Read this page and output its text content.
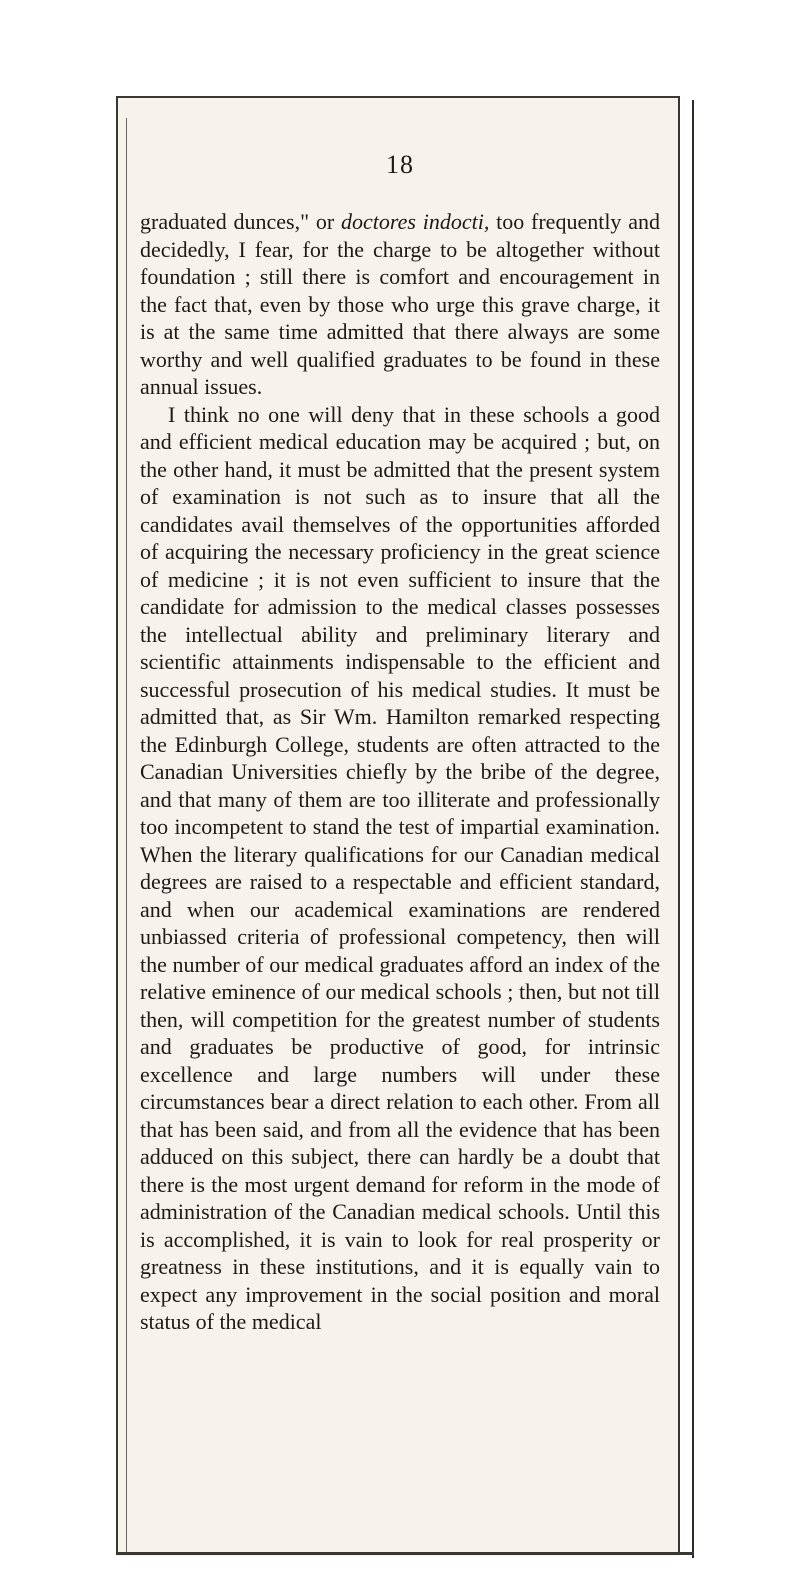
18

graduated dunces," or doctores indocti, too frequently and decidedly, I fear, for the charge to be altogether without foundation ; still there is comfort and encouragement in the fact that, even by those who urge this grave charge, it is at the same time admitted that there always are some worthy and well qualified graduates to be found in these annual issues.

I think no one will deny that in these schools a good and efficient medical education may be acquired ; but, on the other hand, it must be admitted that the present system of examination is not such as to insure that all the candidates avail themselves of the opportunities afforded of acquiring the necessary proficiency in the great science of medicine ; it is not even sufficient to insure that the candidate for admission to the medical classes possesses the intellectual ability and preliminary literary and scientific attainments indispensable to the efficient and successful prosecution of his medical studies. It must be admitted that, as Sir Wm. Hamilton remarked respecting the Edinburgh College, students are often attracted to the Canadian Universities chiefly by the bribe of the degree, and that many of them are too illiterate and professionally too incompetent to stand the test of impartial examination. When the literary qualifications for our Canadian medical degrees are raised to a respectable and efficient standard, and when our academical examinations are rendered unbiassed criteria of professional competency, then will the number of our medical graduates afford an index of the relative eminence of our medical schools ; then, but not till then, will competition for the greatest number of students and graduates be productive of good, for intrinsic excellence and large numbers will under these circumstances bear a direct relation to each other. From all that has been said, and from all the evidence that has been adduced on this subject, there can hardly be a doubt that there is the most urgent demand for reform in the mode of administration of the Canadian medical schools. Until this is accomplished, it is vain to look for real prosperity or greatness in these institutions, and it is equally vain to expect any improvement in the social position and moral status of the medical
